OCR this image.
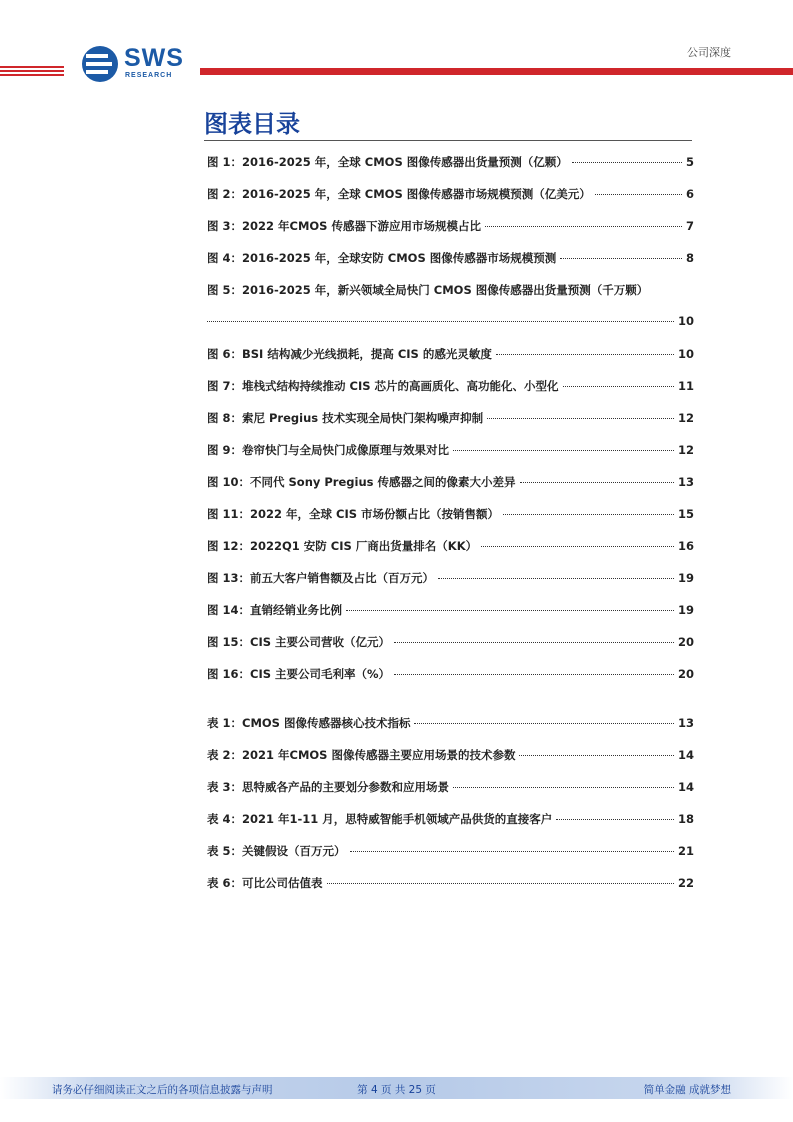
SWS
RESEARCH
公司深度
图表目录
图 1：2016-2025 年，全球 CMOS 图像传感器出货量预测（亿颗）	5
图 2：2016-2025 年，全球 CMOS 图像传感器市场规模预测（亿美元）	6
图 3：2022 年CMOS 传感器下游应用市场规模占比	7
图 4：2016-2025 年，全球安防 CMOS 图像传感器市场规模预测	8
图 5：2016-2025 年，新兴领域全局快门 CMOS 图像传感器出货量预测（千万颗）
10
图 6：BSI 结构减少光线损耗，提高 CIS 的感光灵敏度	10
图 7：堆栈式结构持续推动 CIS 芯片的高画质化、高功能化、小型化	11
图 8：索尼 Pregius 技术实现全局快门架构噪声抑制	12
图 9：卷帘快门与全局快门成像原理与效果对比	12
图 10：不同代 Sony Pregius 传感器之间的像素大小差异	13
图 11：2022 年，全球 CIS 市场份额占比（按销售额）	15
图 12：2022Q1 安防 CIS 厂商出货量排名（KK）	16
图 13：前五大客户销售额及占比（百万元）	19
图 14：直销经销业务比例	19
图 15：CIS 主要公司营收（亿元）	20
图 16：CIS 主要公司毛利率（%）	20
表 1：CMOS 图像传感器核心技术指标	13
表 2：2021 年CMOS 图像传感器主要应用场景的技术参数	14
表 3：思特威各产品的主要划分参数和应用场景	14
表 4：2021 年1-11 月，思特威智能手机领域产品供货的直接客户	18
表 5：关键假设（百万元）	21
表 6：可比公司估值表	22
请务必仔细阅读正文之后的各项信息披露与声明	第 4 页 共 25 页	简单金融 成就梦想
